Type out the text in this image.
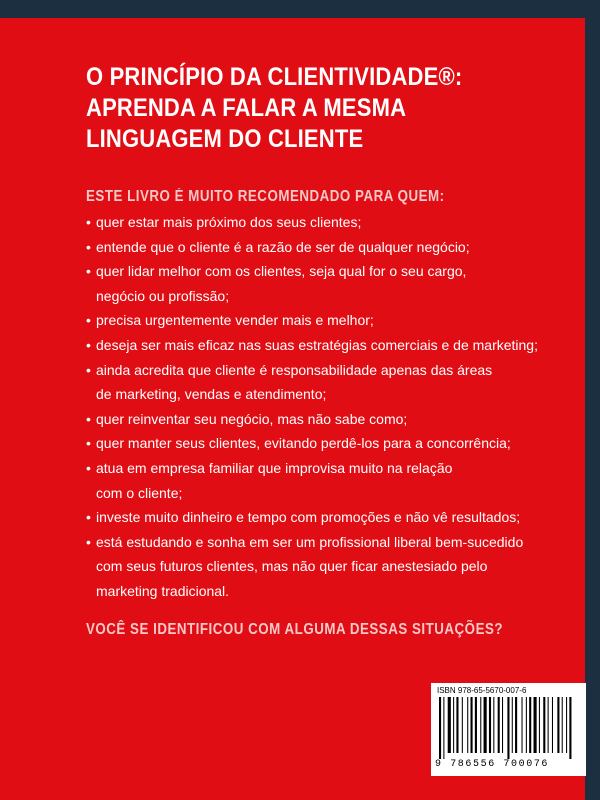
O PRINCÍPIO DA CLIENTIVIDADE®:
APRENDA A FALAR A MESMA
LINGUAGEM DO CLIENTE

ESTE LIVRO É MUITO RECOMENDADO PARA QUEM:

• quer estar mais próximo dos seus clientes;
• entende que o cliente é a razão de ser de qualquer negócio;
• quer lidar melhor com os clientes, seja qual for o seu cargo,
negócio ou profissão;
• precisa urgentemente vender mais e melhor;
• deseja ser mais eficaz nas suas estratégias comerciais e de marketing;
• ainda acredita que cliente é responsabilidade apenas das áreas
de marketing, vendas e atendimento;
• quer reinventar seu negócio, mas não sabe como;
• quer manter seus clientes, evitando perdê-los para a concorrência;
• atua em empresa familiar que improvisa muito na relação
com o cliente;
• investe muito dinheiro e tempo com promoções e não vê resultados;
• está estudando e sonha em ser um profissional liberal bem-sucedido
com seus futuros clientes, mas não quer ficar anestesiado pelo
marketing tradicional.

VOCÊ SE IDENTIFICOU COM ALGUMA DESSAS SITUAÇÕES?

ISBN 978-65-5670-007-6
9 786556 700076
